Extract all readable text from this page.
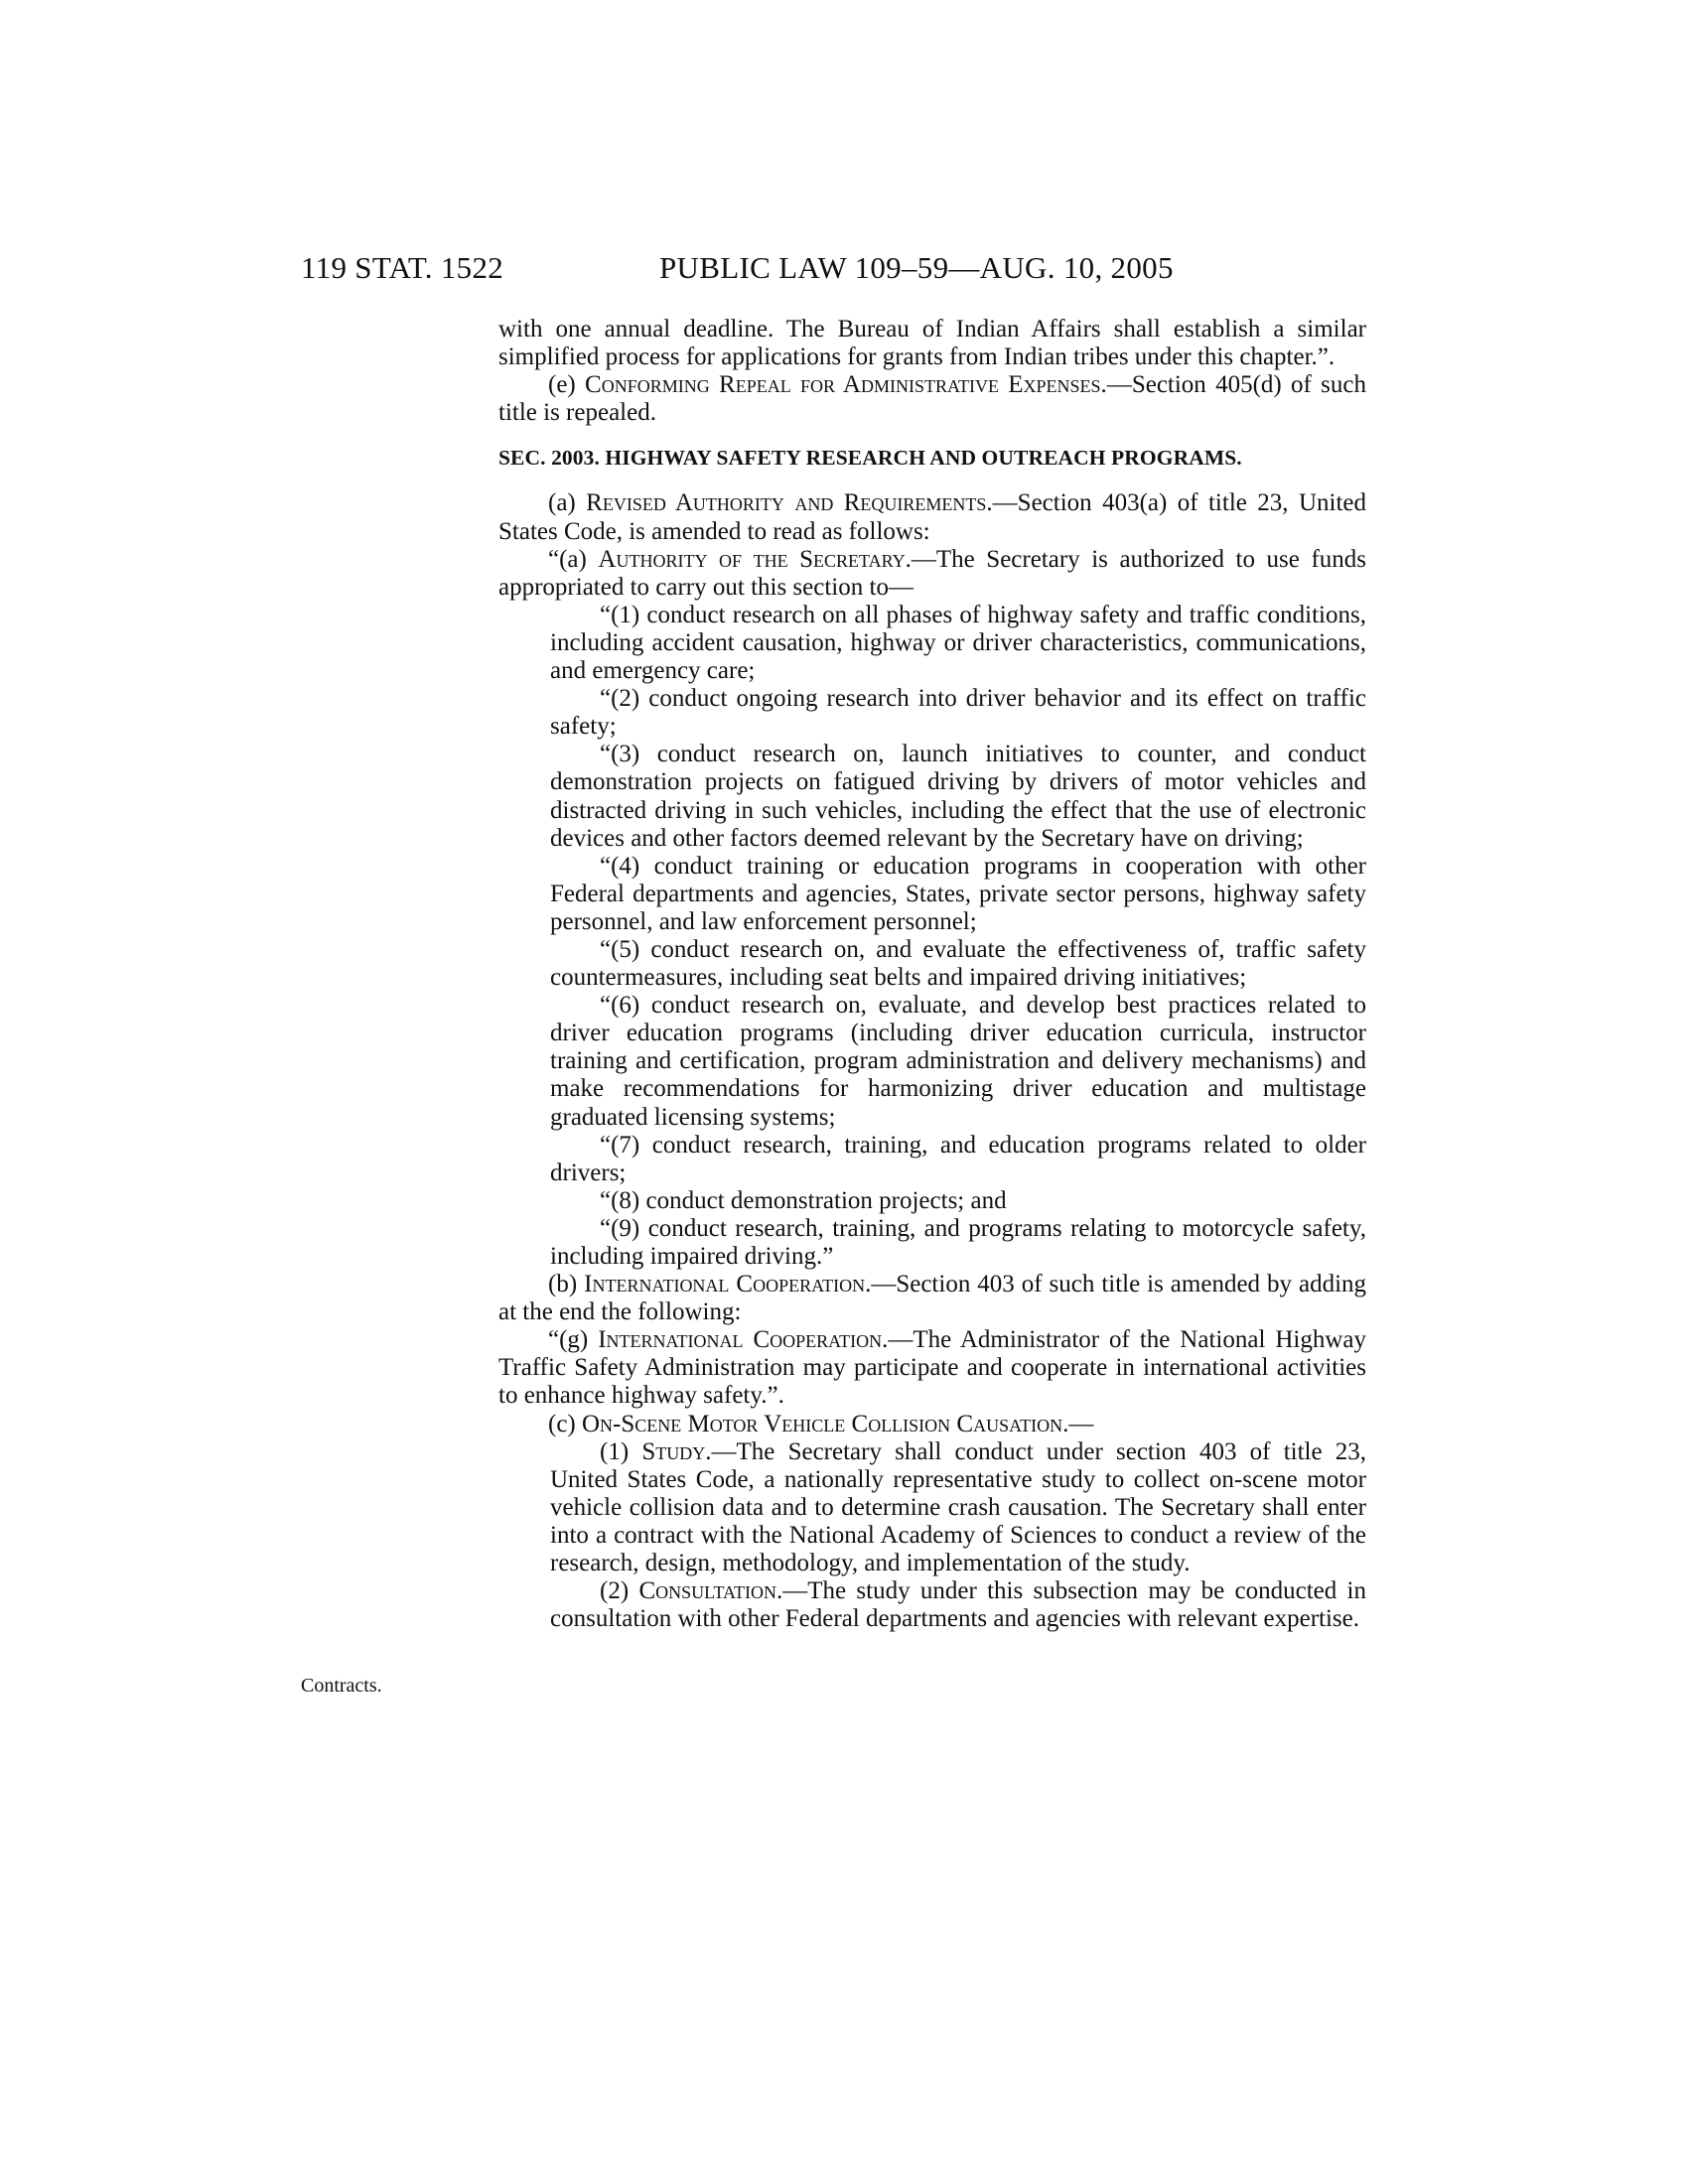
119 STAT. 1522	PUBLIC LAW 109–59—AUG. 10, 2005
Contracts.

with one annual deadline. The Bureau of Indian Affairs shall establish a similar simplified process for applications for grants from Indian tribes under this chapter.”.

(e) Conforming Repeal for Administrative Expenses.—Section 405(d) of such title is repealed.

SEC. 2003. HIGHWAY SAFETY RESEARCH AND OUTREACH PROGRAMS.

(a) Revised Authority and Requirements.—Section 403(a) of title 23, United States Code, is amended to read as follows:

“(a) Authority of the Secretary.—The Secretary is authorized to use funds appropriated to carry out this section to—

“(1) conduct research on all phases of highway safety and traffic conditions, including accident causation, highway or driver characteristics, communications, and emergency care;

“(2) conduct ongoing research into driver behavior and its effect on traffic safety;

“(3) conduct research on, launch initiatives to counter, and conduct demonstration projects on fatigued driving by drivers of motor vehicles and distracted driving in such vehicles, including the effect that the use of electronic devices and other factors deemed relevant by the Secretary have on driving;

“(4) conduct training or education programs in cooperation with other Federal departments and agencies, States, private sector persons, highway safety personnel, and law enforcement personnel;

“(5) conduct research on, and evaluate the effectiveness of, traffic safety countermeasures, including seat belts and impaired driving initiatives;

“(6) conduct research on, evaluate, and develop best practices related to driver education programs (including driver education curricula, instructor training and certification, program administration and delivery mechanisms) and make recommendations for harmonizing driver education and multistage graduated licensing systems;

“(7) conduct research, training, and education programs related to older drivers;

“(8) conduct demonstration projects; and

“(9) conduct research, training, and programs relating to motorcycle safety, including impaired driving.”

(b) International Cooperation.—Section 403 of such title is amended by adding at the end the following:

“(g) International Cooperation.—The Administrator of the National Highway Traffic Safety Administration may participate and cooperate in international activities to enhance highway safety.”.

(c) On-Scene Motor Vehicle Collision Causation.—

(1) Study.—The Secretary shall conduct under section 403 of title 23, United States Code, a nationally representative study to collect on-scene motor vehicle collision data and to determine crash causation. The Secretary shall enter into a contract with the National Academy of Sciences to conduct a review of the research, design, methodology, and implementation of the study.

(2) Consultation.—The study under this subsection may be conducted in consultation with other Federal departments and agencies with relevant expertise.
